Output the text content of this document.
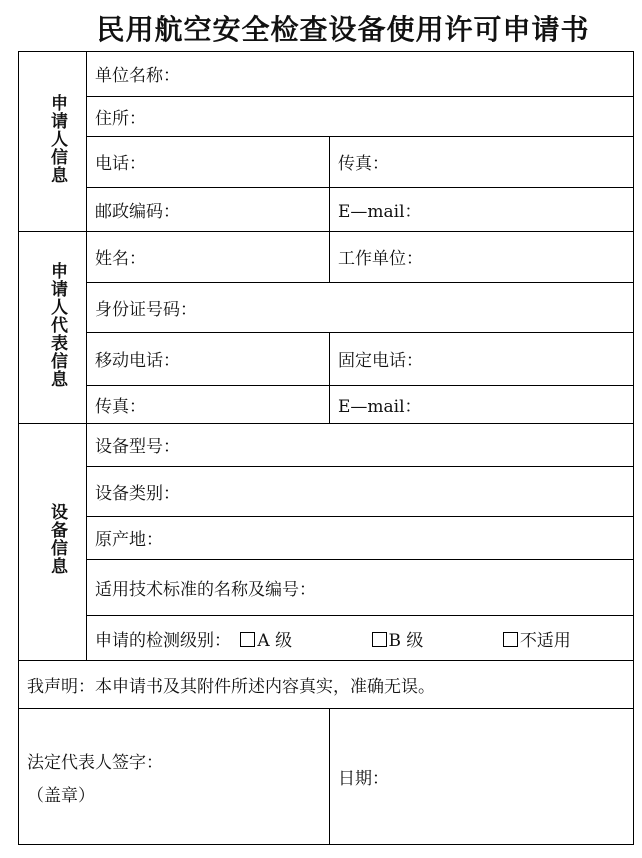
民用航空安全检查设备使用许可申请书
申请人信息	单位名称：	
	住所：	
	电话：	传真：
	邮政编码：	E—mail：
申请人代表信息	姓名：	工作单位：
	身份证号码：	
	移动电话：	固定电话：
	传真：	E—mail：
设备信息	设备型号：	
	设备类别：	
	原产地：	
	适用技术标准的名称及编号：	
	申请的检测级别： A 级 B 级 不适用	
我声明：本申请书及其附件所述内容真实，准确无误。		

法定代表人签字：
（盖章）		日期：
